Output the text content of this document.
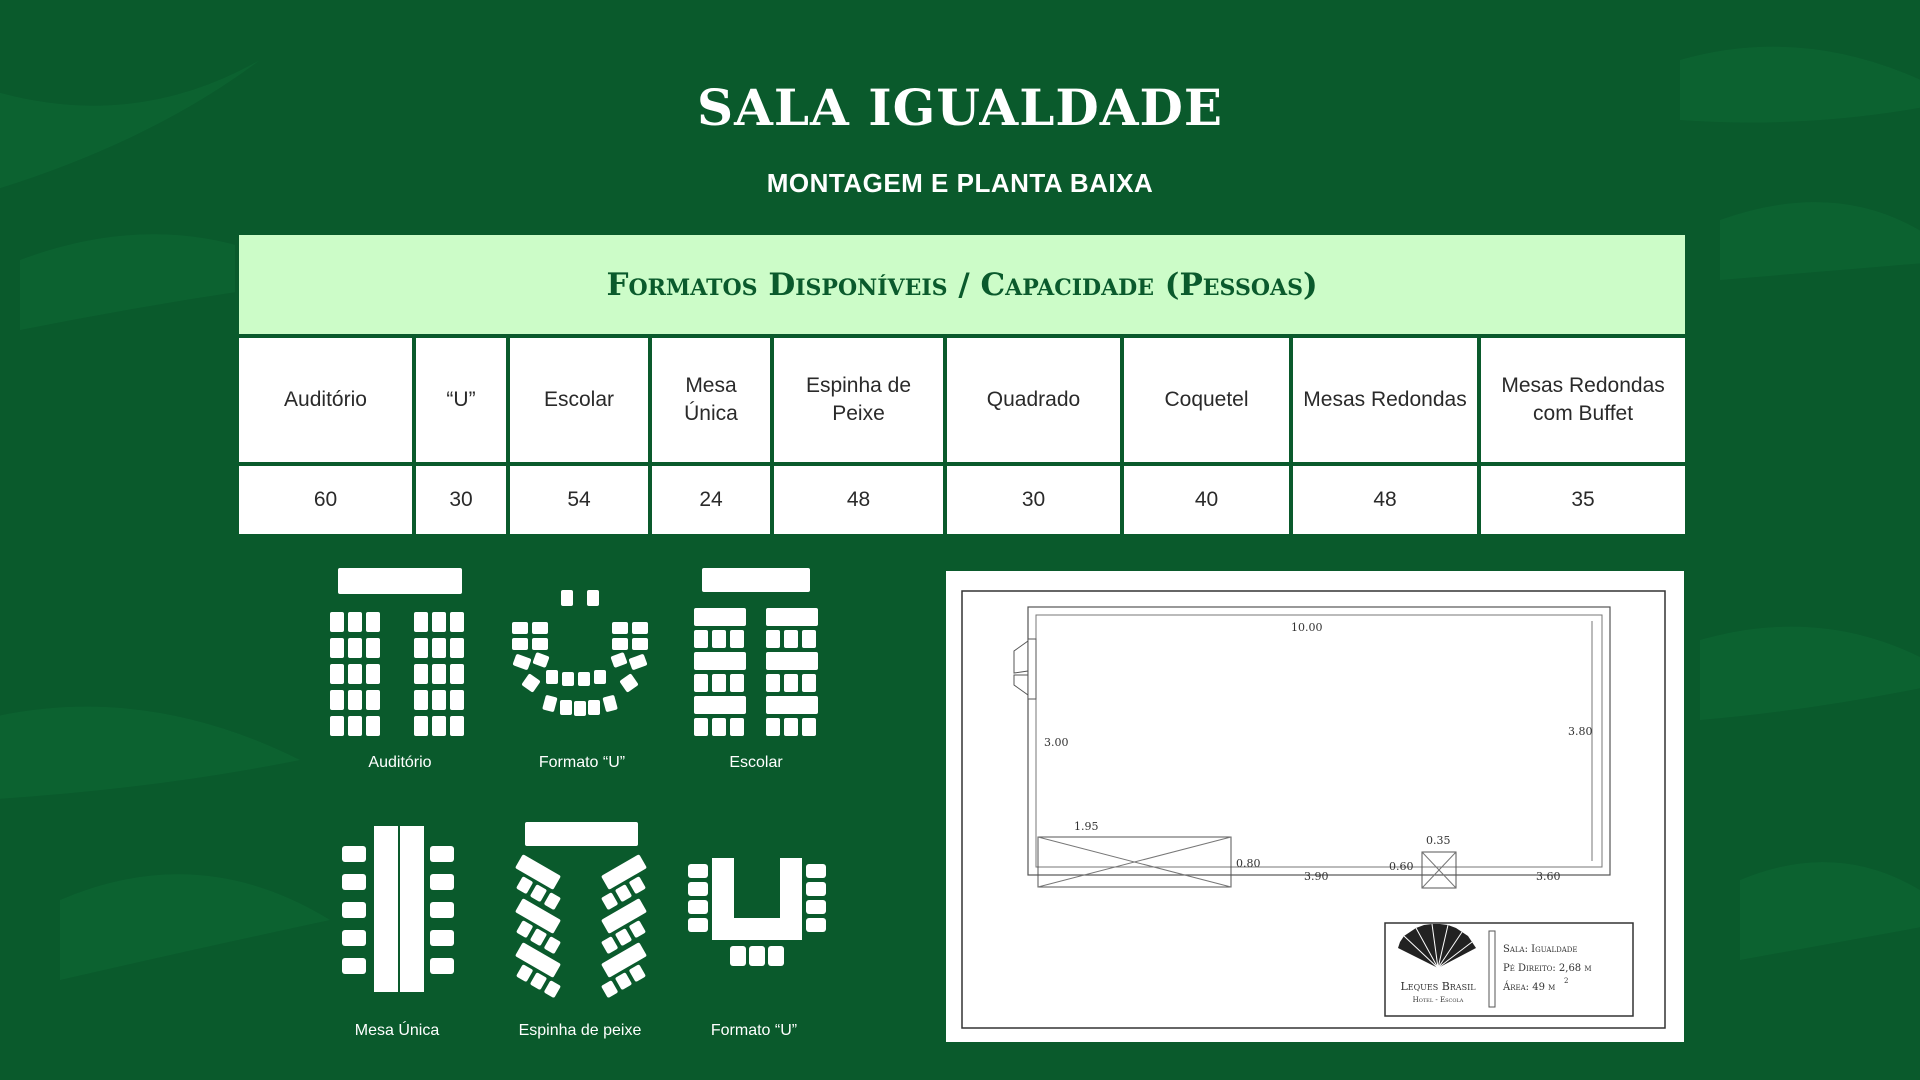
SALA IGUALDADE
MONTAGEM E PLANTA BAIXA
Formatos Disponíveis / Capacidade (Pessoas)								
Auditório	“U”	Escolar	Mesa Única	Espinha de Peixe	Quadrado	Coquetel	Mesas Redondas	Mesas Redondas com Buffet
60	30	54	24	48	30	40	48	35
Auditório	Formato “U”	Escolar
Mesa Única	Espinha de peixe	Formato “U”
10.00
3.00
3.80
1.95
0.80
3.90
0.35
0.60
3.60
Leques Brasil
Hotel - Escola
Sala: Igualdade
Pé Direito: 2,68 m
Área: 49 m
2
